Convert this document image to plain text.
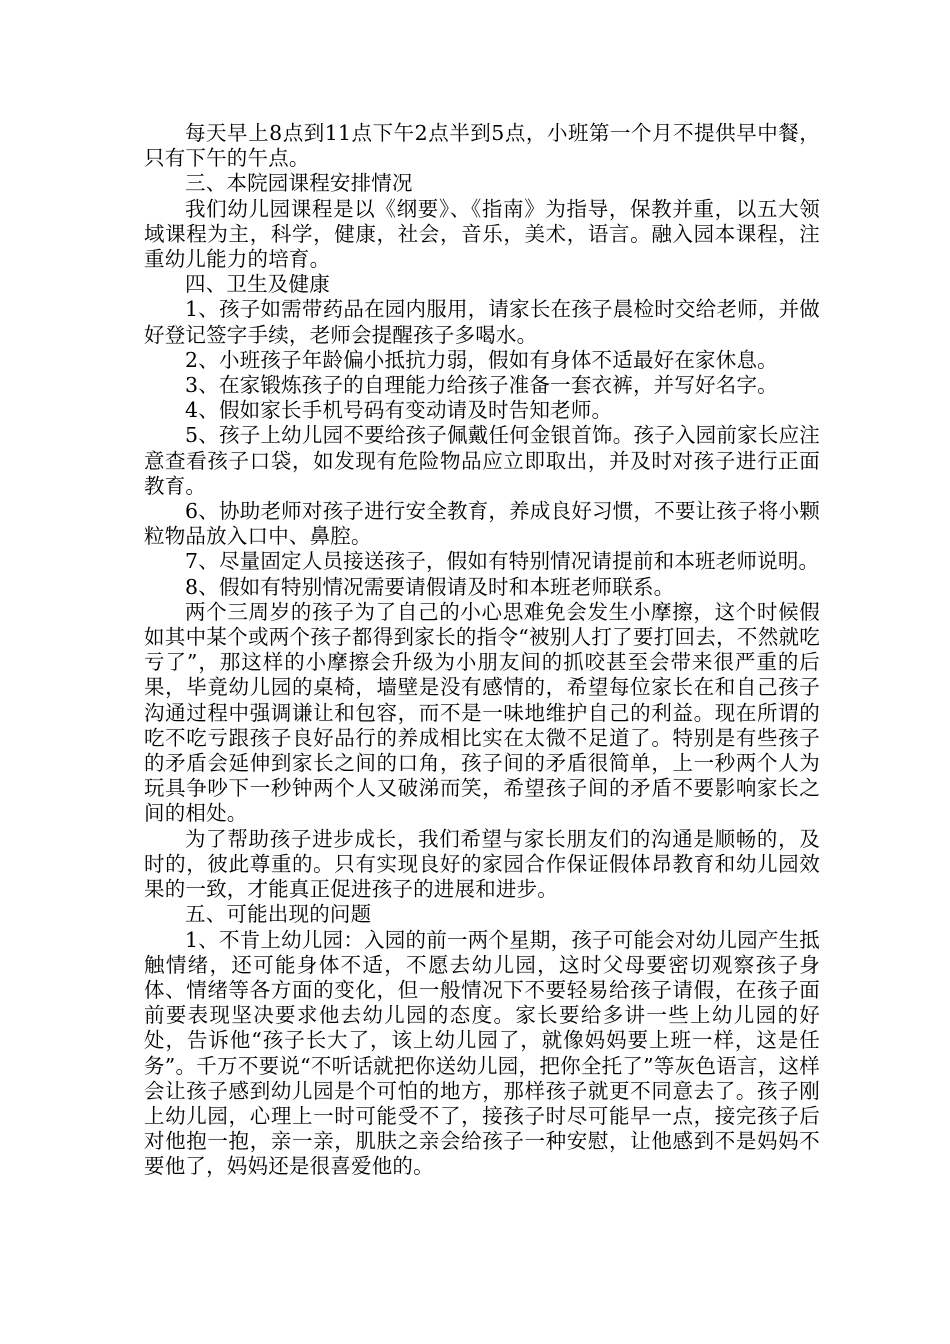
每天早上8点到11点下午2点半到5点，小班第一个月不提供早中餐，只有下午的午点。

三、本院园课程安排情况

我们幼儿园课程是以《纲要》、《指南》为指导，保教并重，以五大领域课程为主，科学，健康，社会，音乐，美术，语言。融入园本课程，注重幼儿能力的培育。

四、卫生及健康

1、孩子如需带药品在园内服用，请家长在孩子晨检时交给老师，并做好登记签字手续，老师会提醒孩子多喝水。

2、小班孩子年龄偏小抵抗力弱，假如有身体不适最好在家休息。

3、在家锻炼孩子的自理能力给孩子准备一套衣裤，并写好名字。

4、假如家长手机号码有变动请及时告知老师。

5、孩子上幼儿园不要给孩子佩戴任何金银首饰。孩子入园前家长应注意查看孩子口袋，如发现有危险物品应立即取出，并及时对孩子进行正面教育。

6、协助老师对孩子进行安全教育，养成良好习惯，不要让孩子将小颗粒物品放入口中、鼻腔。

7、尽量固定人员接送孩子，假如有特别情况请提前和本班老师说明。

8、假如有特别情况需要请假请及时和本班老师联系。

两个三周岁的孩子为了自己的小心思难免会发生小摩擦，这个时候假如其中某个或两个孩子都得到家长的指令“被别人打了要打回去，不然就吃亏了”，那这样的小摩擦会升级为小朋友间的抓咬甚至会带来很严重的后果，毕竟幼儿园的桌椅，墙壁是没有感情的，希望每位家长在和自己孩子沟通过程中强调谦让和包容，而不是一味地维护自己的利益。现在所谓的吃不吃亏跟孩子良好品行的养成相比实在太微不足道了。特别是有些孩子的矛盾会延伸到家长之间的口角，孩子间的矛盾很简单，上一秒两个人为玩具争吵下一秒钟两个人又破涕而笑，希望孩子间的矛盾不要影响家长之间的相处。

为了帮助孩子进步成长，我们希望与家长朋友们的沟通是顺畅的，及时的，彼此尊重的。只有实现良好的家园合作保证假体昂教育和幼儿园效果的一致，才能真正促进孩子的进展和进步。

五、可能出现的问题

1、不肯上幼儿园：入园的前一两个星期，孩子可能会对幼儿园产生抵触情绪，还可能身体不适，不愿去幼儿园，这时父母要密切观察孩子身体、情绪等各方面的变化，但一般情况下不要轻易给孩子请假，在孩子面前要表现坚决要求他去幼儿园的态度。家长要给多讲一些上幼儿园的好处，告诉他“孩子长大了，该上幼儿园了，就像妈妈要上班一样，这是任务”。千万不要说“不听话就把你送幼儿园，把你全托了”等灰色语言，这样会让孩子感到幼儿园是个可怕的地方，那样孩子就更不同意去了。孩子刚上幼儿园，心理上一时可能受不了，接孩子时尽可能早一点，接完孩子后对他抱一抱，亲一亲，肌肤之亲会给孩子一种安慰，让他感到不是妈妈不要他了，妈妈还是很喜爱他的。
